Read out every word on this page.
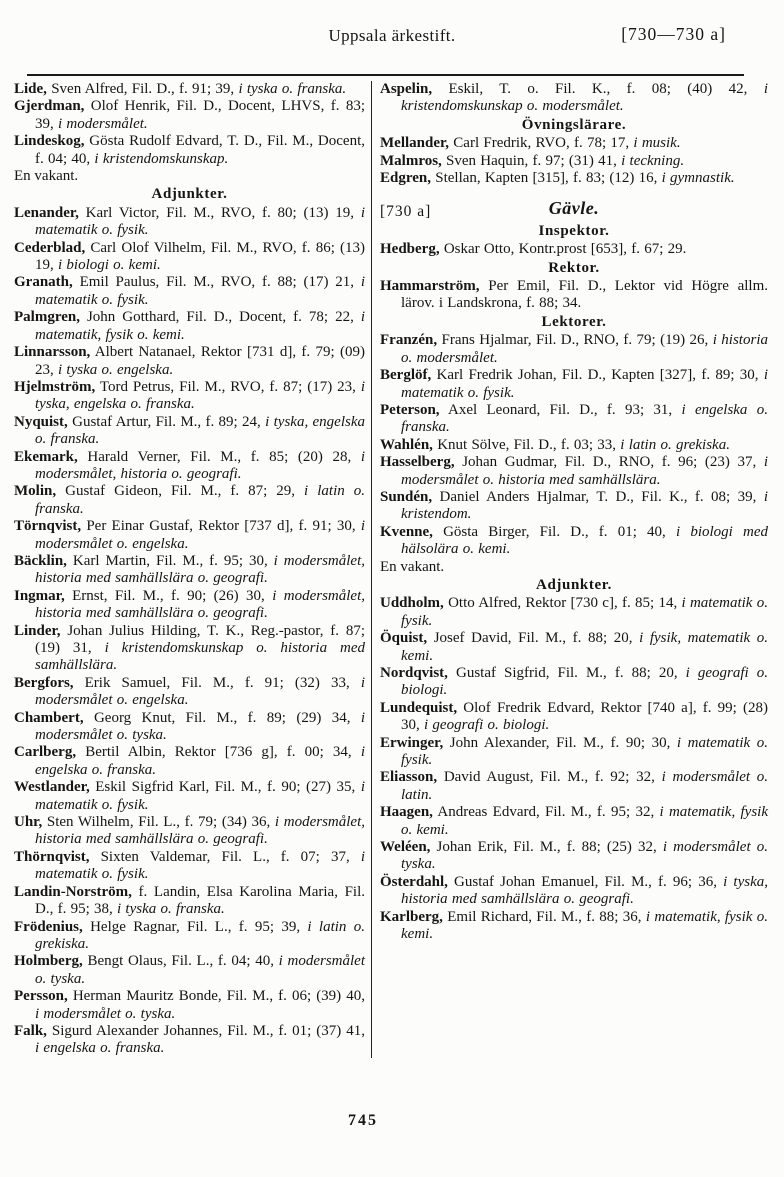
Uppsala ärkestift.	[730—730 a]

Lide, Sven Alfred, Fil. D., f. 91; 39, i tyska o. franska.

Gjerdman, Olof Henrik, Fil. D., Docent, LHVS, f. 83; 39, i modersmålet.

Lindeskog, Gösta Rudolf Edvard, T. D., Fil. M., Docent, f. 04; 40, i kristendomskunskap.

En vakant.

Adjunkter.

Lenander, Karl Victor, Fil. M., RVO, f. 80; (13) 19, i matematik o. fysik.

Cederblad, Carl Olof Vilhelm, Fil. M., RVO, f. 86; (13) 19, i biologi o. kemi.

Granath, Emil Paulus, Fil. M., RVO, f. 88; (17) 21, i matematik o. fysik.

Palmgren, John Gotthard, Fil. D., Docent, f. 78; 22, i matematik, fysik o. kemi.

Linnarsson, Albert Natanael, Rektor [731 d], f. 79; (09) 23, i tyska o. engelska.

Hjelmström, Tord Petrus, Fil. M., RVO, f. 87; (17) 23, i tyska, engelska o. franska.

Nyquist, Gustaf Artur, Fil. M., f. 89; 24, i tyska, engelska o. franska.

Ekemark, Harald Verner, Fil. M., f. 85; (20) 28, i modersmålet, historia o. geografi.

Molin, Gustaf Gideon, Fil. M., f. 87; 29, i latin o. franska.

Törnqvist, Per Einar Gustaf, Rektor [737 d], f. 91; 30, i modersmålet o. engelska.

Bäcklin, Karl Martin, Fil. M., f. 95; 30, i modersmålet, historia med samhällslära o. geografi.

Ingmar, Ernst, Fil. M., f. 90; (26) 30, i modersmålet, historia med samhällslära o. geografi.

Linder, Johan Julius Hilding, T. K., Reg.-pastor, f. 87; (19) 31, i kristendomskunskap o. historia med samhällslära.

Bergfors, Erik Samuel, Fil. M., f. 91; (32) 33, i modersmålet o. engelska.

Chambert, Georg Knut, Fil. M., f. 89; (29) 34, i modersmålet o. tyska.

Carlberg, Bertil Albin, Rektor [736 g], f. 00; 34, i engelska o. franska.

Westlander, Eskil Sigfrid Karl, Fil. M., f. 90; (27) 35, i matematik o. fysik.

Uhr, Sten Wilhelm, Fil. L., f. 79; (34) 36, i modersmålet, historia med samhällslära o. geografi.

Thörnqvist, Sixten Valdemar, Fil. L., f. 07; 37, i matematik o. fysik.

Landin-Norström, f. Landin, Elsa Karolina Maria, Fil. D., f. 95; 38, i tyska o. franska.

Frödenius, Helge Ragnar, Fil. L., f. 95; 39, i latin o. grekiska.

Holmberg, Bengt Olaus, Fil. L., f. 04; 40, i modersmålet o. tyska.

Persson, Herman Mauritz Bonde, Fil. M., f. 06; (39) 40, i modersmålet o. tyska.

Falk, Sigurd Alexander Johannes, Fil. M., f. 01; (37) 41, i engelska o. franska.

Aspelin, Eskil, T. o. Fil. K., f. 08; (40) 42, i kristendomskunskap o. modersmålet.

Övningslärare.

Mellander, Carl Fredrik, RVO, f. 78; 17, i musik.

Malmros, Sven Haquin, f. 97; (31) 41, i teckning.

Edgren, Stellan, Kapten [315], f. 83; (12) 16, i gymnastik.

[730 a]	Gävle.

Inspektor.

Hedberg, Oskar Otto, Kontr.prost [653], f. 67; 29.

Rektor.

Hammarström, Per Emil, Fil. D., Lektor vid Högre allm. lärov. i Landskrona, f. 88; 34.

Lektorer.

Franzén, Frans Hjalmar, Fil. D., RNO, f. 79; (19) 26, i historia o. modersmålet.

Berglöf, Karl Fredrik Johan, Fil. D., Kapten [327], f. 89; 30, i matematik o. fysik.

Peterson, Axel Leonard, Fil. D., f. 93; 31, i engelska o. franska.

Wahlén, Knut Sölve, Fil. D., f. 03; 33, i latin o. grekiska.

Hasselberg, Johan Gudmar, Fil. D., RNO, f. 96; (23) 37, i modersmålet o. historia med samhällslära.

Sundén, Daniel Anders Hjalmar, T. D., Fil. K., f. 08; 39, i kristendom.

Kvenne, Gösta Birger, Fil. D., f. 01; 40, i biologi med hälsolära o. kemi.

En vakant.

Adjunkter.

Uddholm, Otto Alfred, Rektor [730 c], f. 85; 14, i matematik o. fysik.

Öquist, Josef David, Fil. M., f. 88; 20, i fysik, matematik o. kemi.

Nordqvist, Gustaf Sigfrid, Fil. M., f. 88; 20, i geografi o. biologi.

Lundequist, Olof Fredrik Edvard, Rektor [740 a], f. 99; (28) 30, i geografi o. biologi.

Erwinger, John Alexander, Fil. M., f. 90; 30, i matematik o. fysik.

Eliasson, David August, Fil. M., f. 92; 32, i modersmålet o. latin.

Haagen, Andreas Edvard, Fil. M., f. 95; 32, i matematik, fysik o. kemi.

Weléen, Johan Erik, Fil. M., f. 88; (25) 32, i modersmålet o. tyska.

Österdahl, Gustaf Johan Emanuel, Fil. M., f. 96; 36, i tyska, historia med samhällslära o. geografi.

Karlberg, Emil Richard, Fil. M., f. 88; 36, i matematik, fysik o. kemi.

745
